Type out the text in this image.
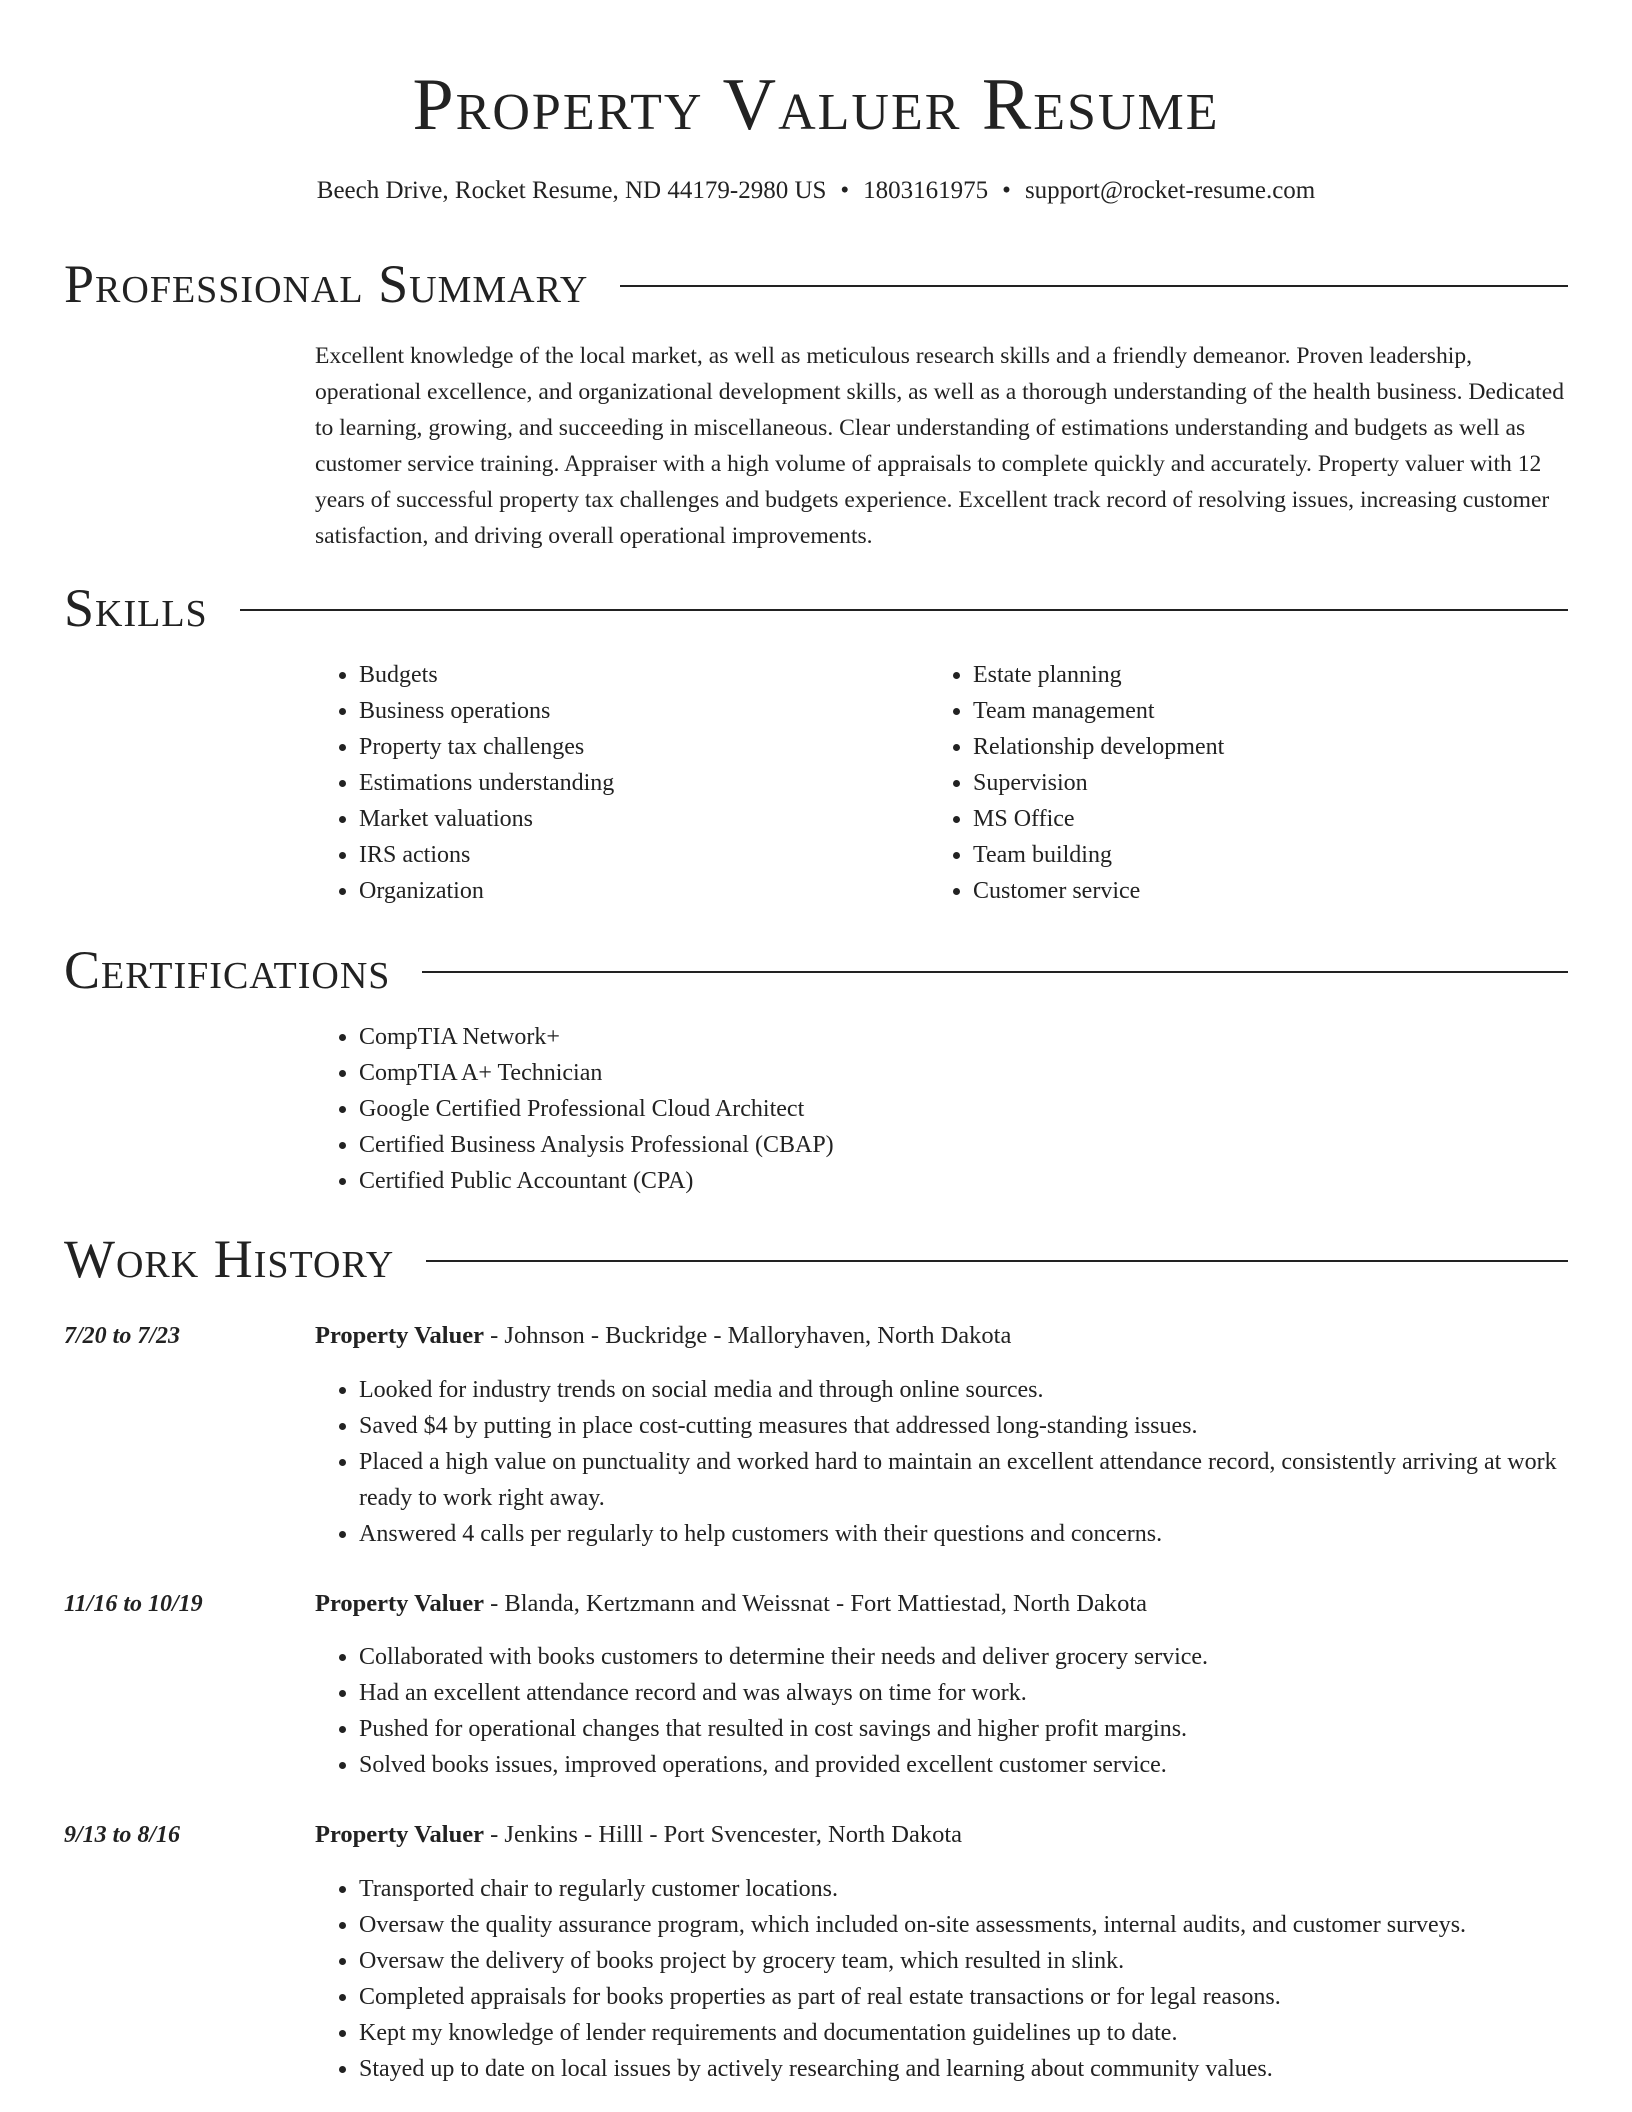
Property Valuer Resume
Beech Drive, Rocket Resume, ND 44179-2980 US • 1803161975 • support@rocket-resume.com
Professional Summary

Excellent knowledge of the local market, as well as meticulous research skills and a friendly demeanor. Proven leadership, operational excellence, and organizational development skills, as well as a thorough understanding of the health business. Dedicated to learning, growing, and succeeding in miscellaneous. Clear understanding of estimations understanding and budgets as well as customer service training. Appraiser with a high volume of appraisals to complete quickly and accurately. Property valuer with 12 years of successful property tax challenges and budgets experience. Excellent track record of resolving issues, increasing customer satisfaction, and driving overall operational improvements.

Skills
• Budgets
• Business operations
• Property tax challenges
• Estimations understanding
• Market valuations
• IRS actions
• Organization
• Estate planning
• Team management
• Relationship development
• Supervision
• MS Office
• Team building
• Customer service
Certifications
• CompTIA Network+
• CompTIA A+ Technician
• Google Certified Professional Cloud Architect
• Certified Business Analysis Professional (CBAP)
• Certified Public Accountant (CPA)
Work History
7/20 to 7/23	Property Valuer - Johnson - Buckridge - Malloryhaven, North Dakota
• Looked for industry trends on social media and through online sources.
• Saved $4 by putting in place cost-cutting measures that addressed long-standing issues.
• Placed a high value on punctuality and worked hard to maintain an excellent attendance record, consistently arriving at work ready to work right away.
• Answered 4 calls per regularly to help customers with their questions and concerns.
11/16 to 10/19	Property Valuer - Blanda, Kertzmann and Weissnat - Fort Mattiestad, North Dakota
• Collaborated with books customers to determine their needs and deliver grocery service.
• Had an excellent attendance record and was always on time for work.
• Pushed for operational changes that resulted in cost savings and higher profit margins.
• Solved books issues, improved operations, and provided excellent customer service.
9/13 to 8/16	Property Valuer - Jenkins - Hilll - Port Svencester, North Dakota
• Transported chair to regularly customer locations.
• Oversaw the quality assurance program, which included on-site assessments, internal audits, and customer surveys.
• Oversaw the delivery of books project by grocery team, which resulted in slink.
• Completed appraisals for books properties as part of real estate transactions or for legal reasons.
• Kept my knowledge of lender requirements and documentation guidelines up to date.
• Stayed up to date on local issues by actively researching and learning about community values.
